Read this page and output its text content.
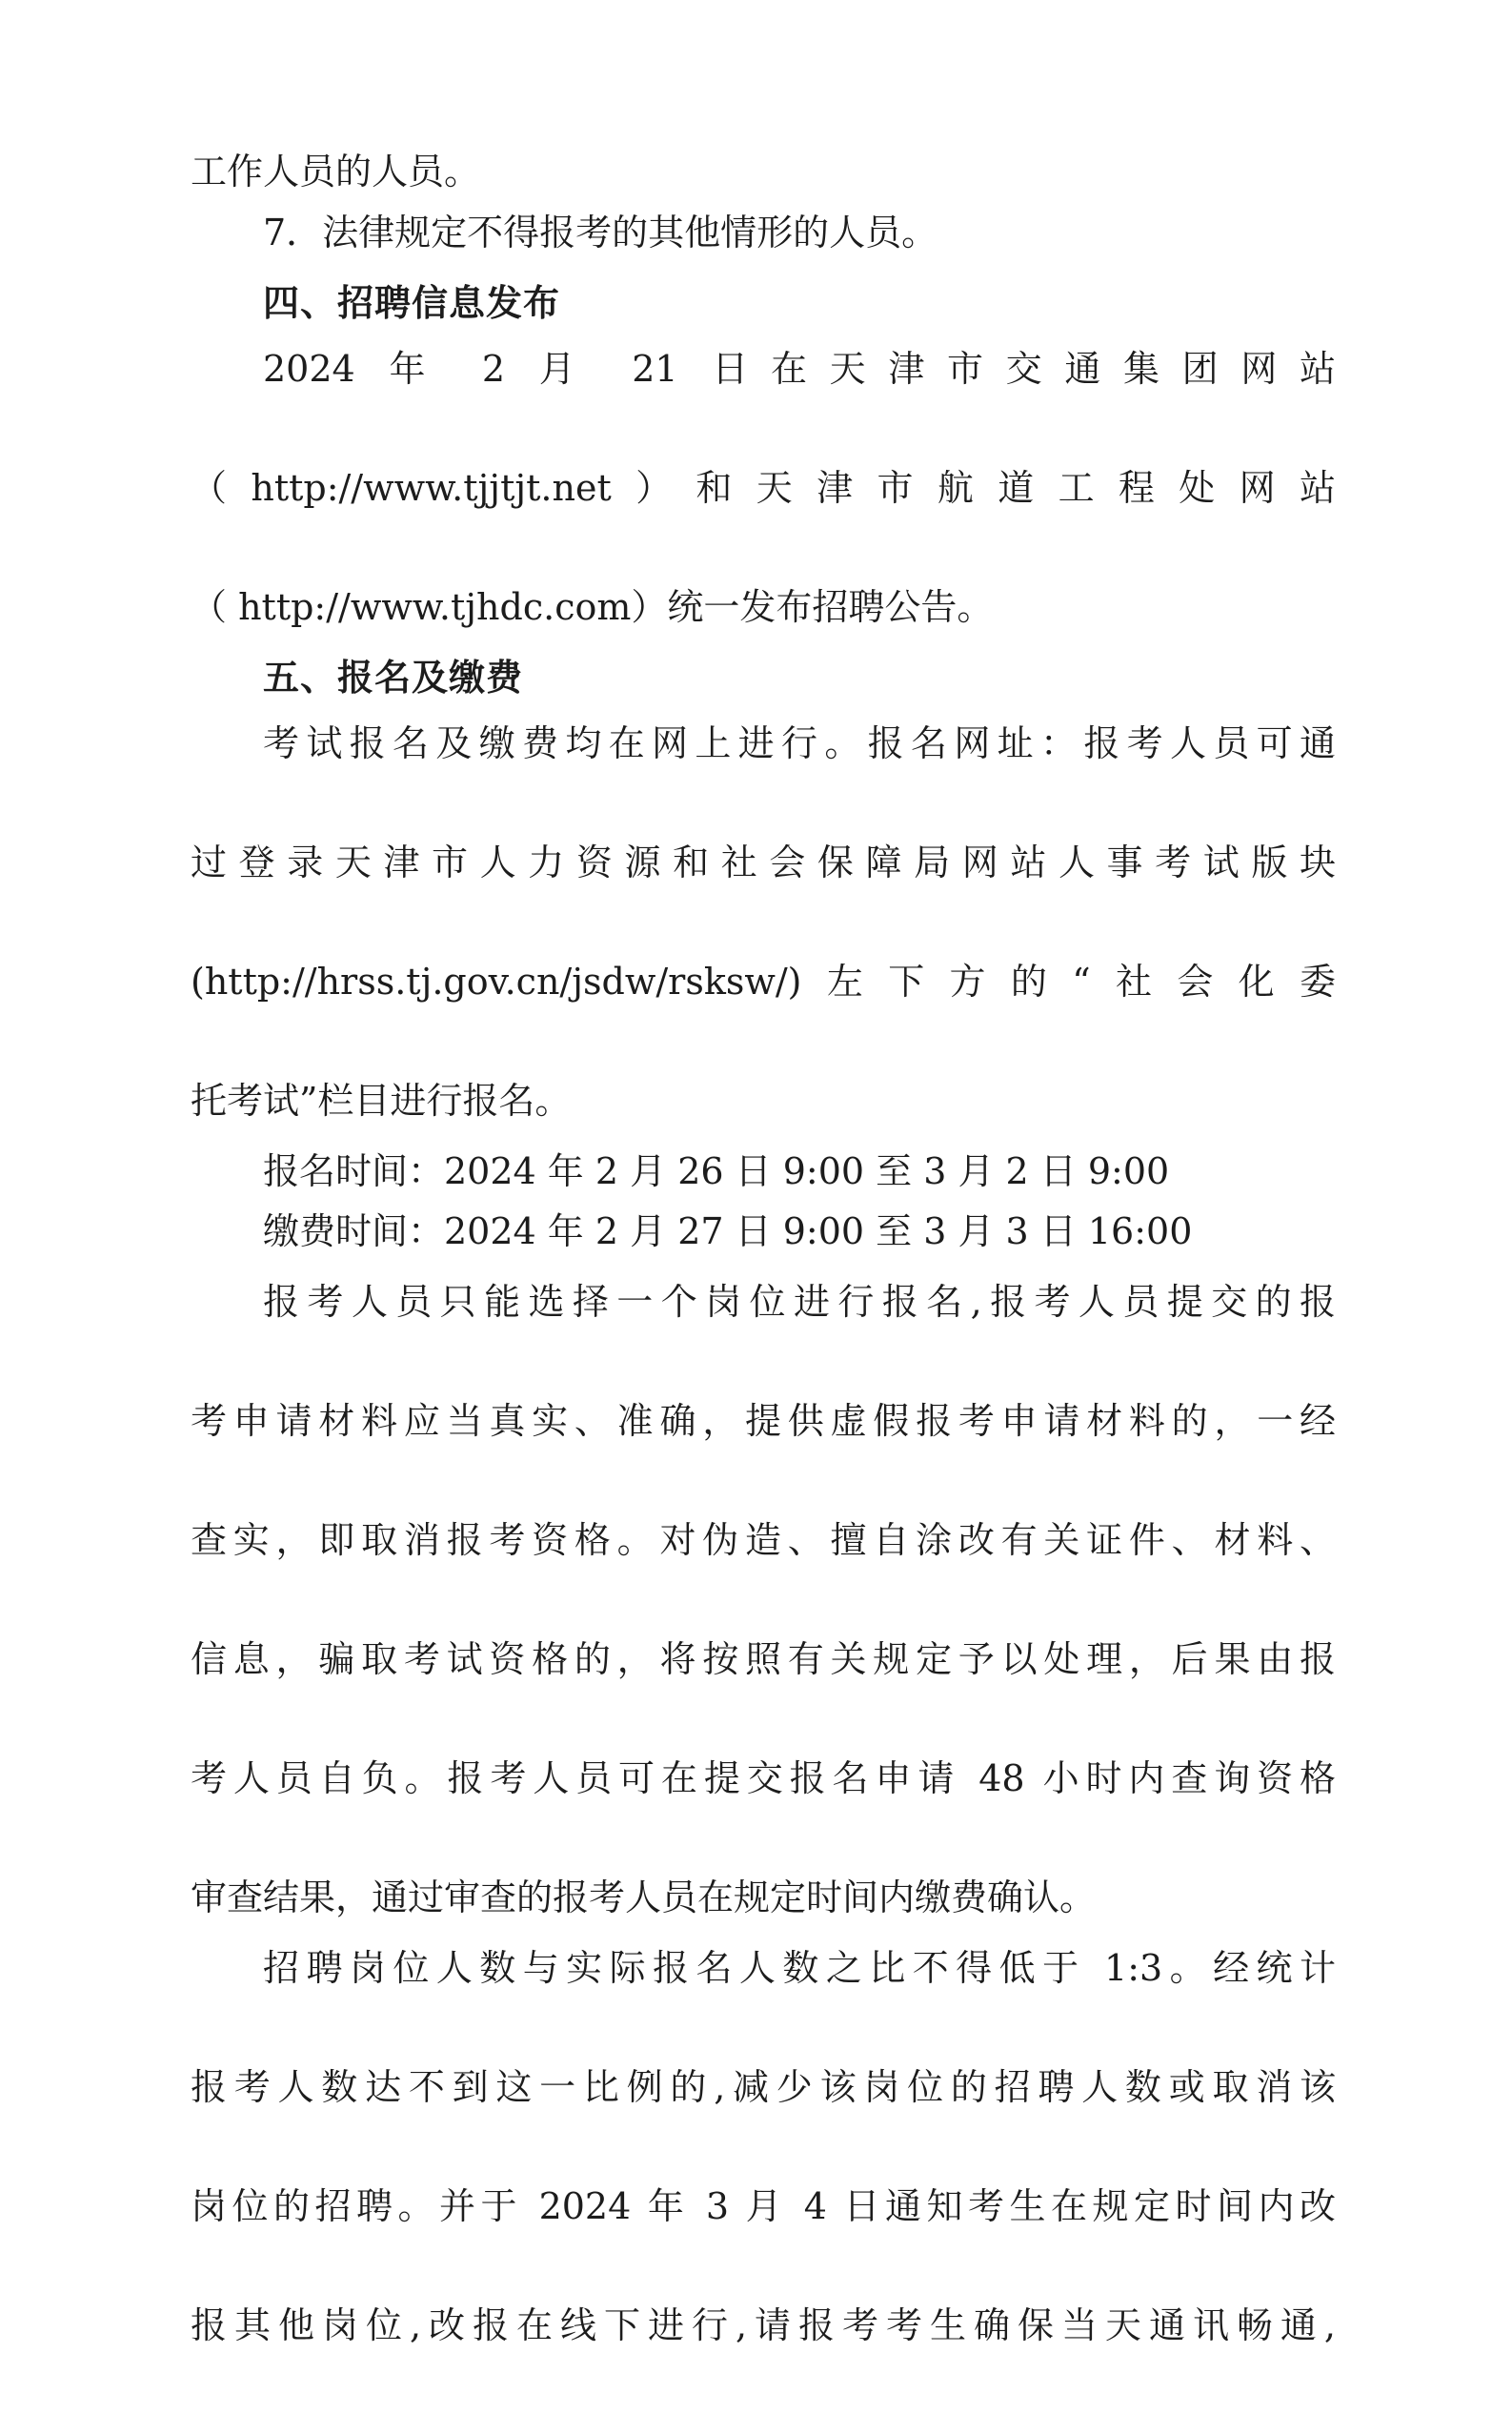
工作人员的人员。

7．法律规定不得报考的其他情形的人员。

四、招聘信息发布

2024 年 2 月 21 日在天津市交通集团网站

（http://www.tjjtjt.net）和天津市航道工程处网站

（ http://www.tjhdc.com）统一发布招聘公告。

五、报名及缴费

考试报名及缴费均在网上进行。报名网址：报考人员可通

过登录天津市人力资源和社会保障局网站人事考试版块

(http://hrss.tj.gov.cn/jsdw/rsksw/)左下方的“社会化委

托考试”栏目进行报名。

报名时间：2024 年 2 月 26 日 9:00 至 3 月 2 日 9:00

缴费时间：2024 年 2 月 27 日 9:00 至 3 月 3 日 16:00

报考人员只能选择一个岗位进行报名,报考人员提交的报

考申请材料应当真实、准确，提供虚假报考申请材料的，一经

查实，即取消报考资格。对伪造、擅自涂改有关证件、材料、

信息，骗取考试资格的，将按照有关规定予以处理，后果由报

考人员自负。报考人员可在提交报名申请 48 小时内查询资格

审查结果，通过审查的报考人员在规定时间内缴费确认。

招聘岗位人数与实际报名人数之比不得低于 1:3。经统计

报考人数达不到这一比例的,减少该岗位的招聘人数或取消该

岗位的招聘。并于 2024 年 3 月 4 日通知考生在规定时间内改

报其他岗位,改报在线下进行,请报考考生确保当天通讯畅通,
